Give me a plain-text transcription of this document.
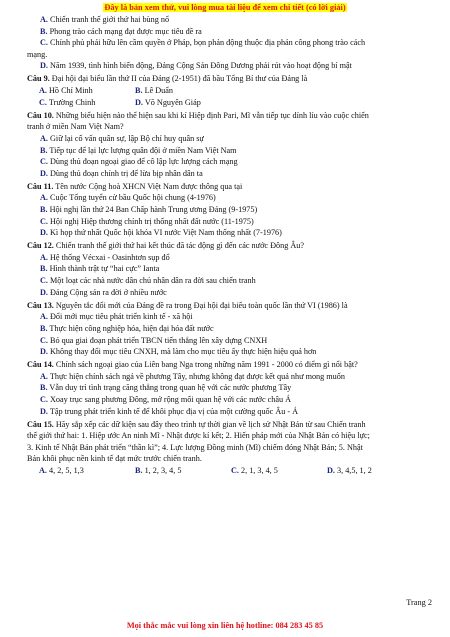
Đây là bản xem thử, vui lòng mua tài liệu để xem chi tiết (có lời giải)
A. Chiến tranh thế giới thứ hai bùng nổ
B. Phong trào cách mạng đạt được mục tiêu đề ra
C. Chính phủ phái hữu lên cầm quyền ở Pháp, bọn phản động thuộc địa phản công phong trào cách
mạng.
D. Năm 1939, tình hình biến động, Đảng Cộng Sản Đông Dương phải rút vào hoạt động bí mật
Câu 9. Đại hội đại biểu lần thứ II của Đảng (2-1951) đã bầu Tổng Bí thư của Đảng là
A. Hồ Chí Minh	B. Lê Duẩn
C. Trường Chinh	D. Võ Nguyên Giáp
Câu 10. Những biểu hiện nào thể hiện sau khi kí Hiệp định Pari, Mĩ vẫn tiếp tục dính líu vào cuộc chiến
tranh ở miền Nam Việt Nam?
A. Giữ lại cố vấn quân sự, lập Bộ chỉ huy quân sự
B. Tiếp tục để lại lực lượng quân đội ở miền Nam Việt Nam
C. Dùng thủ đoạn ngoại giao để cô lập lực lượng cách mạng
D. Dùng thủ đoạn chính trị để lừa bịp nhân dân ta
Câu 11. Tên nước Cộng hoà XHCN Việt Nam được thông qua tại
A. Cuộc Tổng tuyển cử bầu Quốc hội chung (4-1976)
B. Hội nghị lần thứ 24 Ban Chấp hành Trung ương Đảng (9-1975)
C. Hội nghị Hiệp thương chính trị thống nhất đất nước (11-1975)
D. Kì họp thứ nhất Quốc hội khóa VI nước Việt Nam thống nhất (7-1976)
Câu 12. Chiến tranh thế giới thứ hai kết thúc đã tác động gì đến các nước Đông Âu?
A. Hệ thống Vécxai - Oasinhtơn sụp đổ
B. Hình thành trật tự “hai cực” Ianta
C. Một loạt các nhà nước dân chủ nhân dân ra đời sau chiến tranh
D. Đảng Cộng sản ra đời ở nhiều nước
Câu 13. Nguyên tắc đổi mới của Đảng đề ra trong Đại hội đại biểu toàn quốc lần thứ VI (1986) là
A. Đổi mới mục tiêu phát triển kinh tế - xã hội
B. Thực hiện công nghiệp hóa, hiện đại hóa đất nước
C. Bỏ qua giai đoạn phát triển TBCN tiến thẳng lên xây dựng CNXH
D. Không thay đổi mục tiêu CNXH, mà làm cho mục tiêu ấy thực hiện hiệu quả hơn
Câu 14. Chính sách ngoại giao của Liên bang Nga trong những năm 1991 - 2000 có điểm gì nổi bật?
A. Thực hiện chính sách ngả về phương Tây, nhưng không đạt được kết quả như mong muốn
B. Vẫn duy trì tình trạng căng thẳng trong quan hệ với các nước phương Tây
C. Xoay trục sang phương Đông, mở rộng mối quan hệ với các nước châu Á
D. Tập trung phát triển kinh tế để khôi phục địa vị của một cường quốc Âu - Á
Câu 15. Hãy sắp xếp các dữ kiện sau đây theo trình tự thời gian về lịch sử Nhật Bản từ sau Chiến tranh
thế giới thứ hai: 1. Hiệp ước An ninh Mĩ - Nhật được kí kết; 2. Hiến pháp mới của Nhật Bản có hiệu lực;
3. Kinh tế Nhật Bản phát triển “thần kì”; 4. Lực lượng Đồng minh (Mĩ) chiếm đóng Nhật Bản; 5. Nhật
Bản khôi phục nền kinh tế đạt mức trước chiến tranh.
A. 4, 2, 5, 1,3	B. 1, 2, 3, 4, 5	C. 2, 1, 3, 4, 5	D. 3, 4,5, 1, 2
Trang 2
Mọi thắc mắc vui lòng xin liên hệ hotline: 084 283 45 85
